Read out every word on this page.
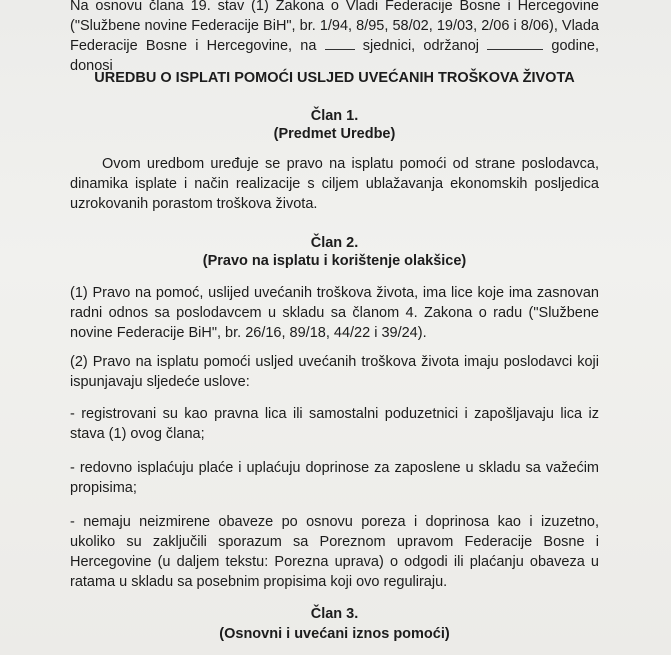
Na osnovu člana 19. stav (1) Zakona o Vladi Federacije Bosne i Hercegovine ("Službene novine Federacije BiH", br. 1/94, 8/95, 58/02, 19/03, 2/06 i 8/06), Vlada Federacije Bosne i Hercegovine, na  sjednici, održanoj	godine, donosi

UREDBU O ISPLATI POMOĆI USLJED UVEĆANIH TROŠKOVA ŽIVOTA
Član 1.
(Predmet Uredbe)

Ovom uredbom uređuje se pravo na isplatu pomoći od strane poslodavca, dinamika isplate i način realizacije s ciljem ublažavanja ekonomskih posljedica uzrokovanih porastom troškova života.

Član 2.
(Pravo na isplatu i korištenje olakšice)

(1) Pravo na pomoć, uslijed uvećanih troškova života, ima lice koje ima zasnovan radni odnos sa poslodavcem u skladu sa članom 4. Zakona o radu ("Službene novine Federacije BiH", br. 26/16, 89/18, 44/22 i 39/24).

(2) Pravo na isplatu pomoći usljed uvećanih troškova života imaju poslodavci koji ispunjavaju sljedeće uslove:

- registrovani su kao pravna lica ili samostalni poduzetnici i zapošljavaju lica iz stava (1) ovog člana;

- redovno isplaćuju plaće i uplaćuju doprinose za zaposlene u skladu sa važećim propisima;

- nemaju neizmirene obaveze po osnovu poreza i doprinosa kao i izuzetno, ukoliko su zaključili sporazum sa Poreznom upravom Federacije Bosne i Hercegovine (u daljem tekstu: Porezna uprava) o odgodi ili plaćanju obaveza u ratama u skladu sa posebnim propisima koji ovo reguliraju.

Član 3.
(Osnovni i uvećani iznos pomoći)
